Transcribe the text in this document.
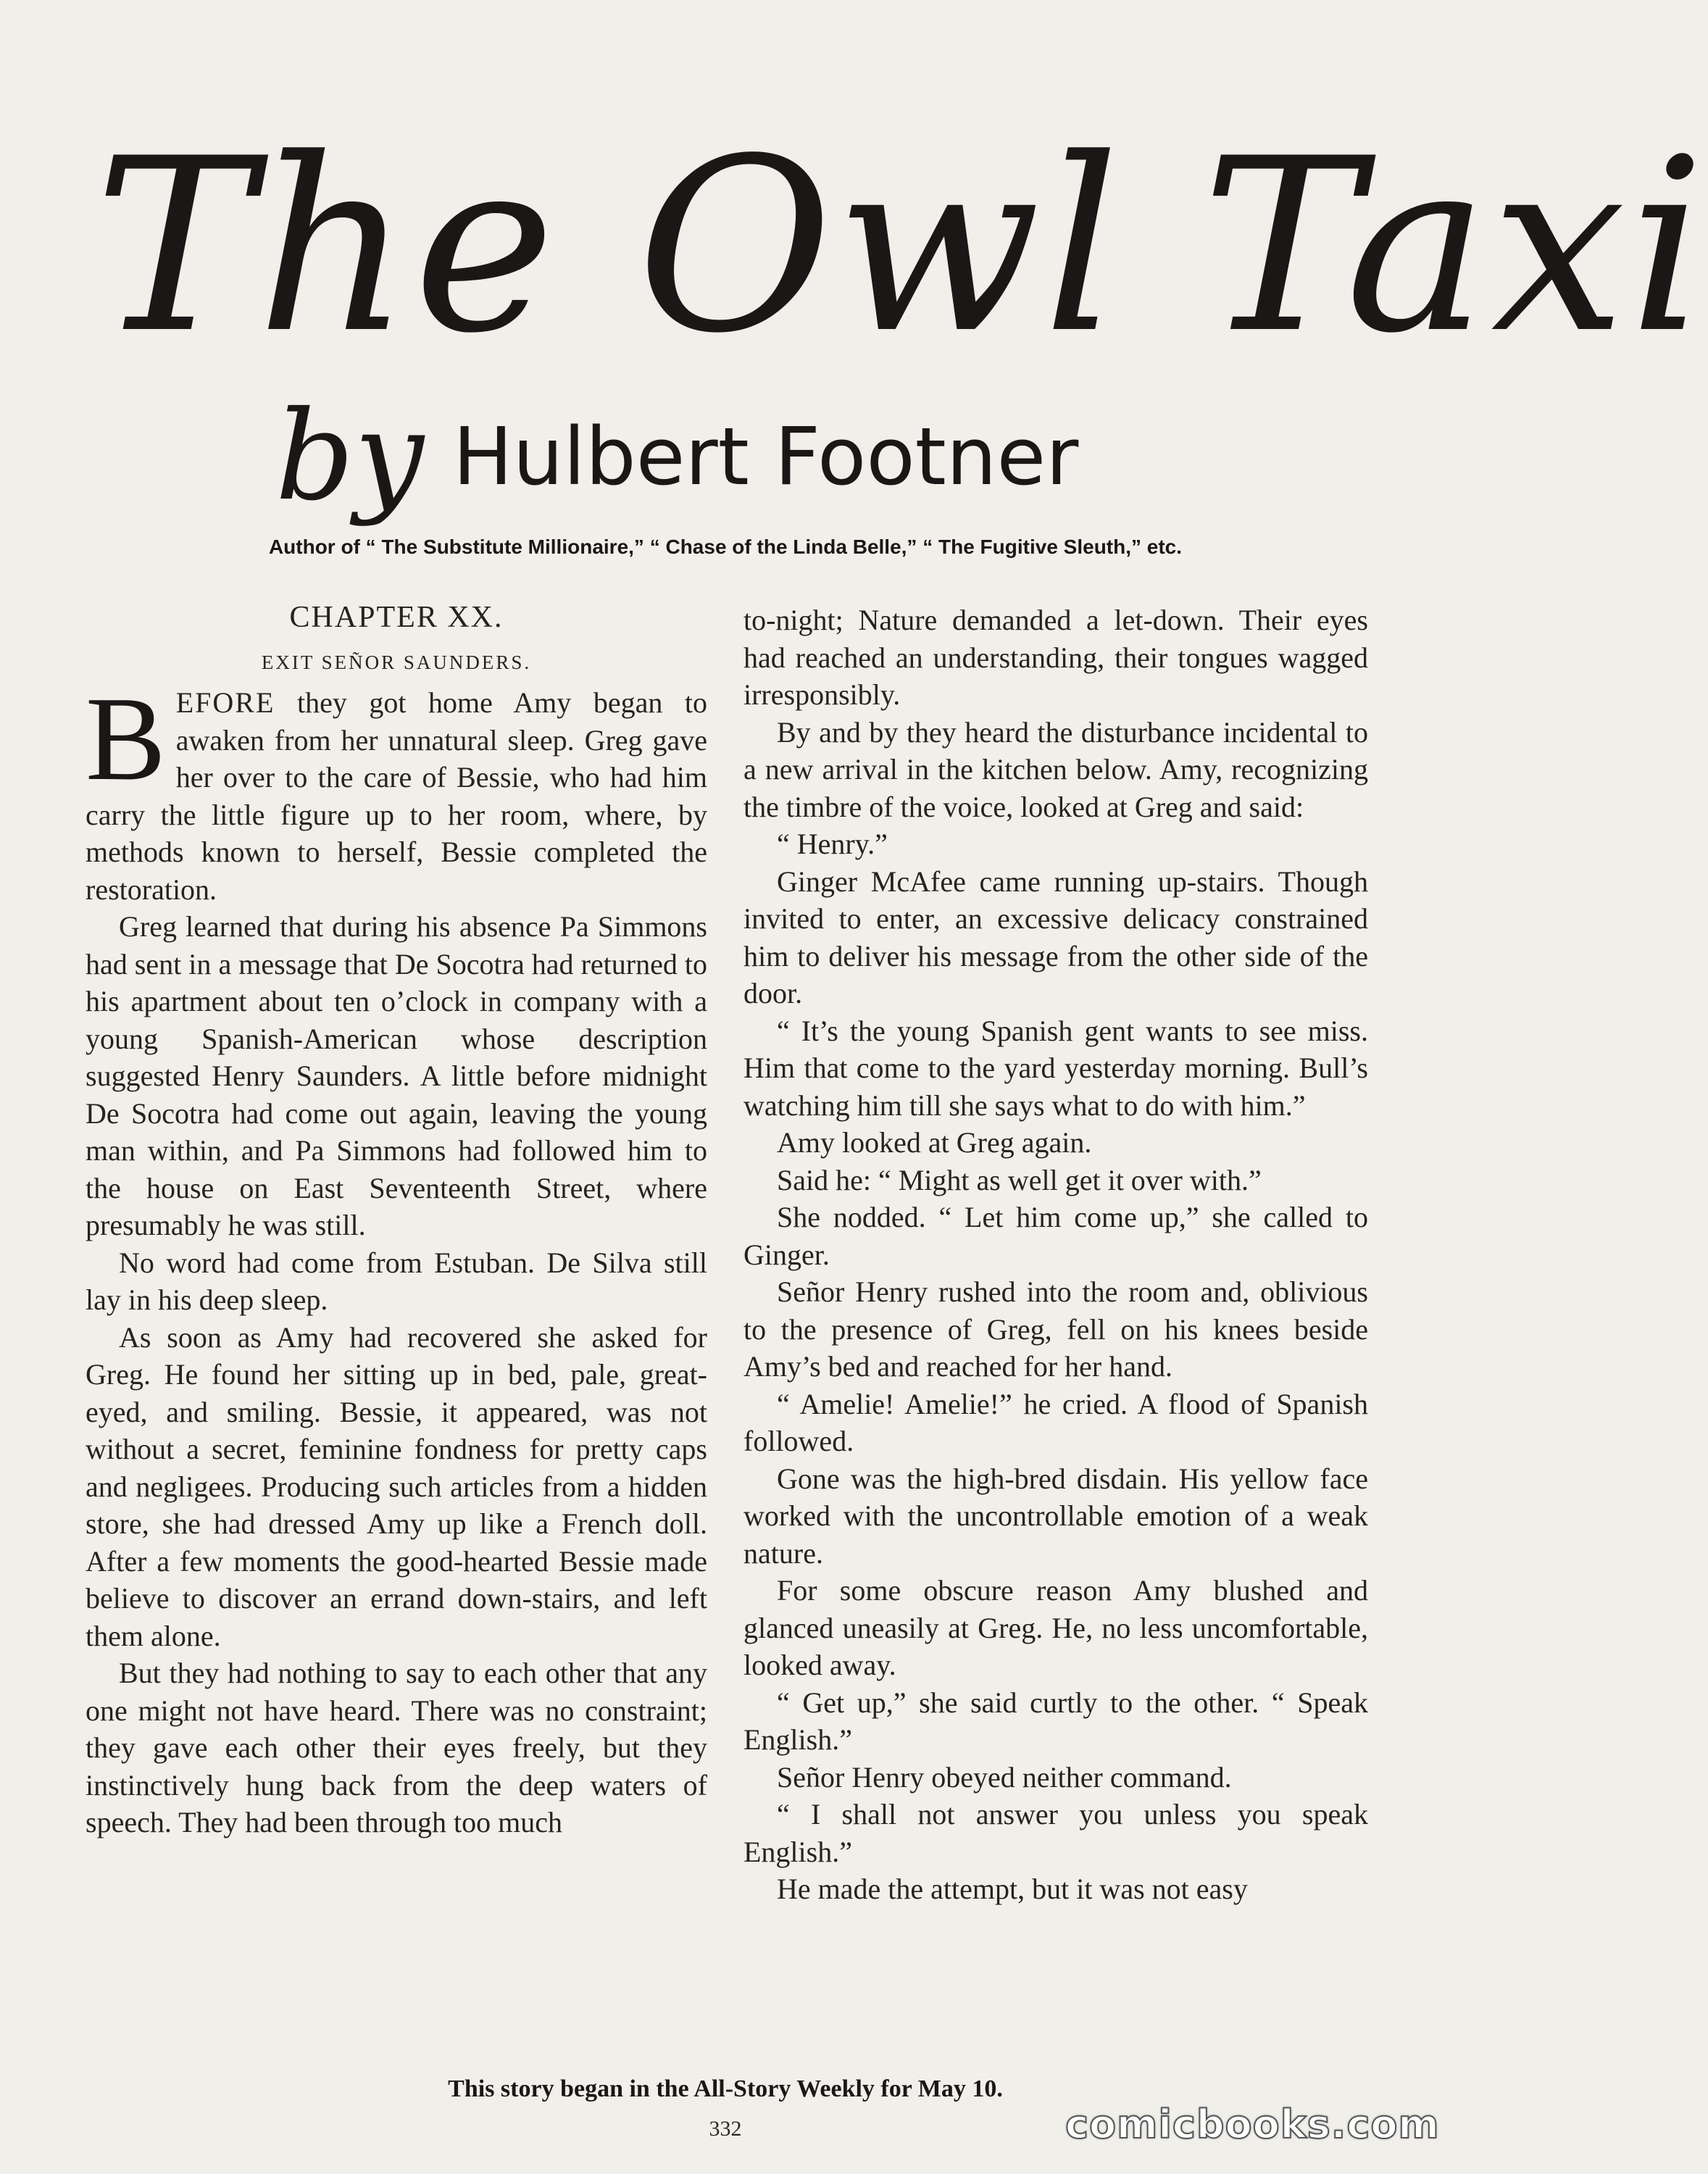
The Owl Taxi
by Hulbert Footner
Author of “ The Substitute Millionaire,” “ Chase of the Linda Belle,” “ The Fugitive Sleuth,” etc.

CHAPTER XX.

EXIT SEÑOR SAUNDERS.

BEFORE they got home Amy began to awaken from her unnatural sleep. Greg gave her over to the care of Bessie, who had him carry the little figure up to her room, where, by methods known to herself, Bessie completed the restoration.

Greg learned that during his absence Pa Simmons had sent in a message that De Socotra had returned to his apartment about ten o’clock in company with a young Spanish-American whose description suggested Henry Saunders. A little before midnight De Socotra had come out again, leaving the young man within, and Pa Simmons had followed him to the house on East Seventeenth Street, where presumably he was still.

No word had come from Estuban. De Silva still lay in his deep sleep.

As soon as Amy had recovered she asked for Greg. He found her sitting up in bed, pale, great-eyed, and smiling. Bessie, it appeared, was not without a secret, feminine fondness for pretty caps and negligees. Producing such articles from a hidden store, she had dressed Amy up like a French doll. After a few moments the good-hearted Bessie made believe to discover an errand down-stairs, and left them alone.

But they had nothing to say to each other that any one might not have heard. There was no constraint; they gave each other their eyes freely, but they instinctively hung back from the deep waters of speech. They had been through too much

to-night; Nature demanded a let-down. Their eyes had reached an understanding, their tongues wagged irresponsibly.

By and by they heard the disturbance incidental to a new arrival in the kitchen below. Amy, recognizing the timbre of the voice, looked at Greg and said:

“ Henry.”

Ginger McAfee came running up-stairs. Though invited to enter, an excessive delicacy constrained him to deliver his message from the other side of the door.

“ It’s the young Spanish gent wants to see miss. Him that come to the yard yesterday morning. Bull’s watching him till she says what to do with him.”

Amy looked at Greg again.

Said he: “ Might as well get it over with.”

She nodded. “ Let him come up,” she called to Ginger.

Señor Henry rushed into the room and, oblivious to the presence of Greg, fell on his knees beside Amy’s bed and reached for her hand.

“ Amelie! Amelie!” he cried. A flood of Spanish followed.

Gone was the high-bred disdain. His yellow face worked with the uncontrollable emotion of a weak nature.

For some obscure reason Amy blushed and glanced uneasily at Greg. He, no less uncomfortable, looked away.

“ Get up,” she said curtly to the other. “ Speak English.”

Señor Henry obeyed neither command.

“ I shall not answer you unless you speak English.”

He made the attempt, but it was not easy

This story began in the All-Story Weekly for May 10.
332	comicbooks.com
